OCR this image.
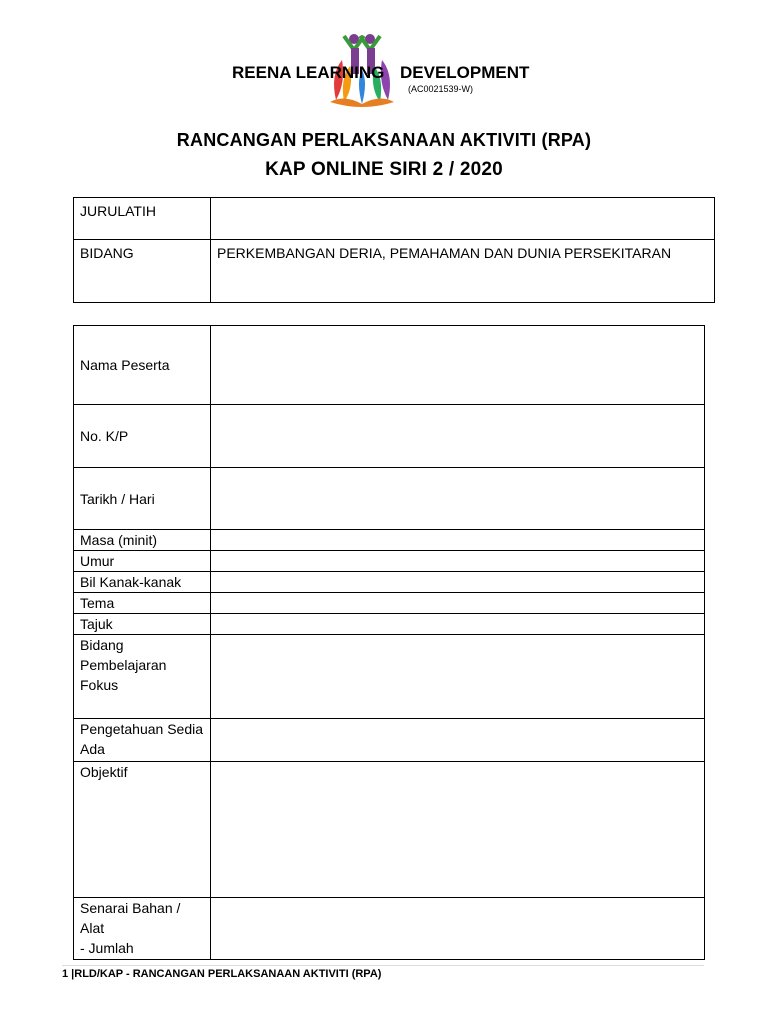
REENA LEARNING DEVELOPMENT
(AC0021539-W)
RANCANGAN PERLAKSANAAN AKTIVITI (RPA)
KAP ONLINE SIRI 2 / 2020
JURULATIH	
BIDANG	PERKEMBANGAN DERIA, PEMAHAMAN DAN DUNIA PERSEKITARAN
Nama Peserta	
No. K/P	
Tarikh / Hari	
Masa (minit)	
Umur	
Bil Kanak-kanak	
Tema	
Tajuk	
Bidang Pembelajaran Fokus	
Pengetahuan Sedia Ada	
Objektif	

Senarai Bahan / Alat
- Jumlah	

1 |RLD/KAP - RANCANGAN PERLAKSANAAN AKTIVITI (RPA)
